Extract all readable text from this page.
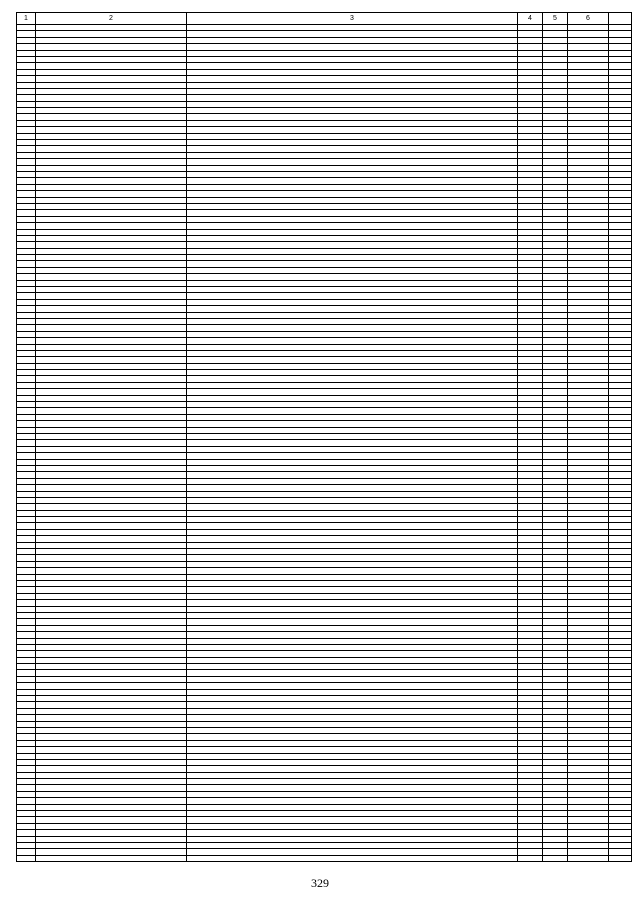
1	2	3	4	5	6	

329
